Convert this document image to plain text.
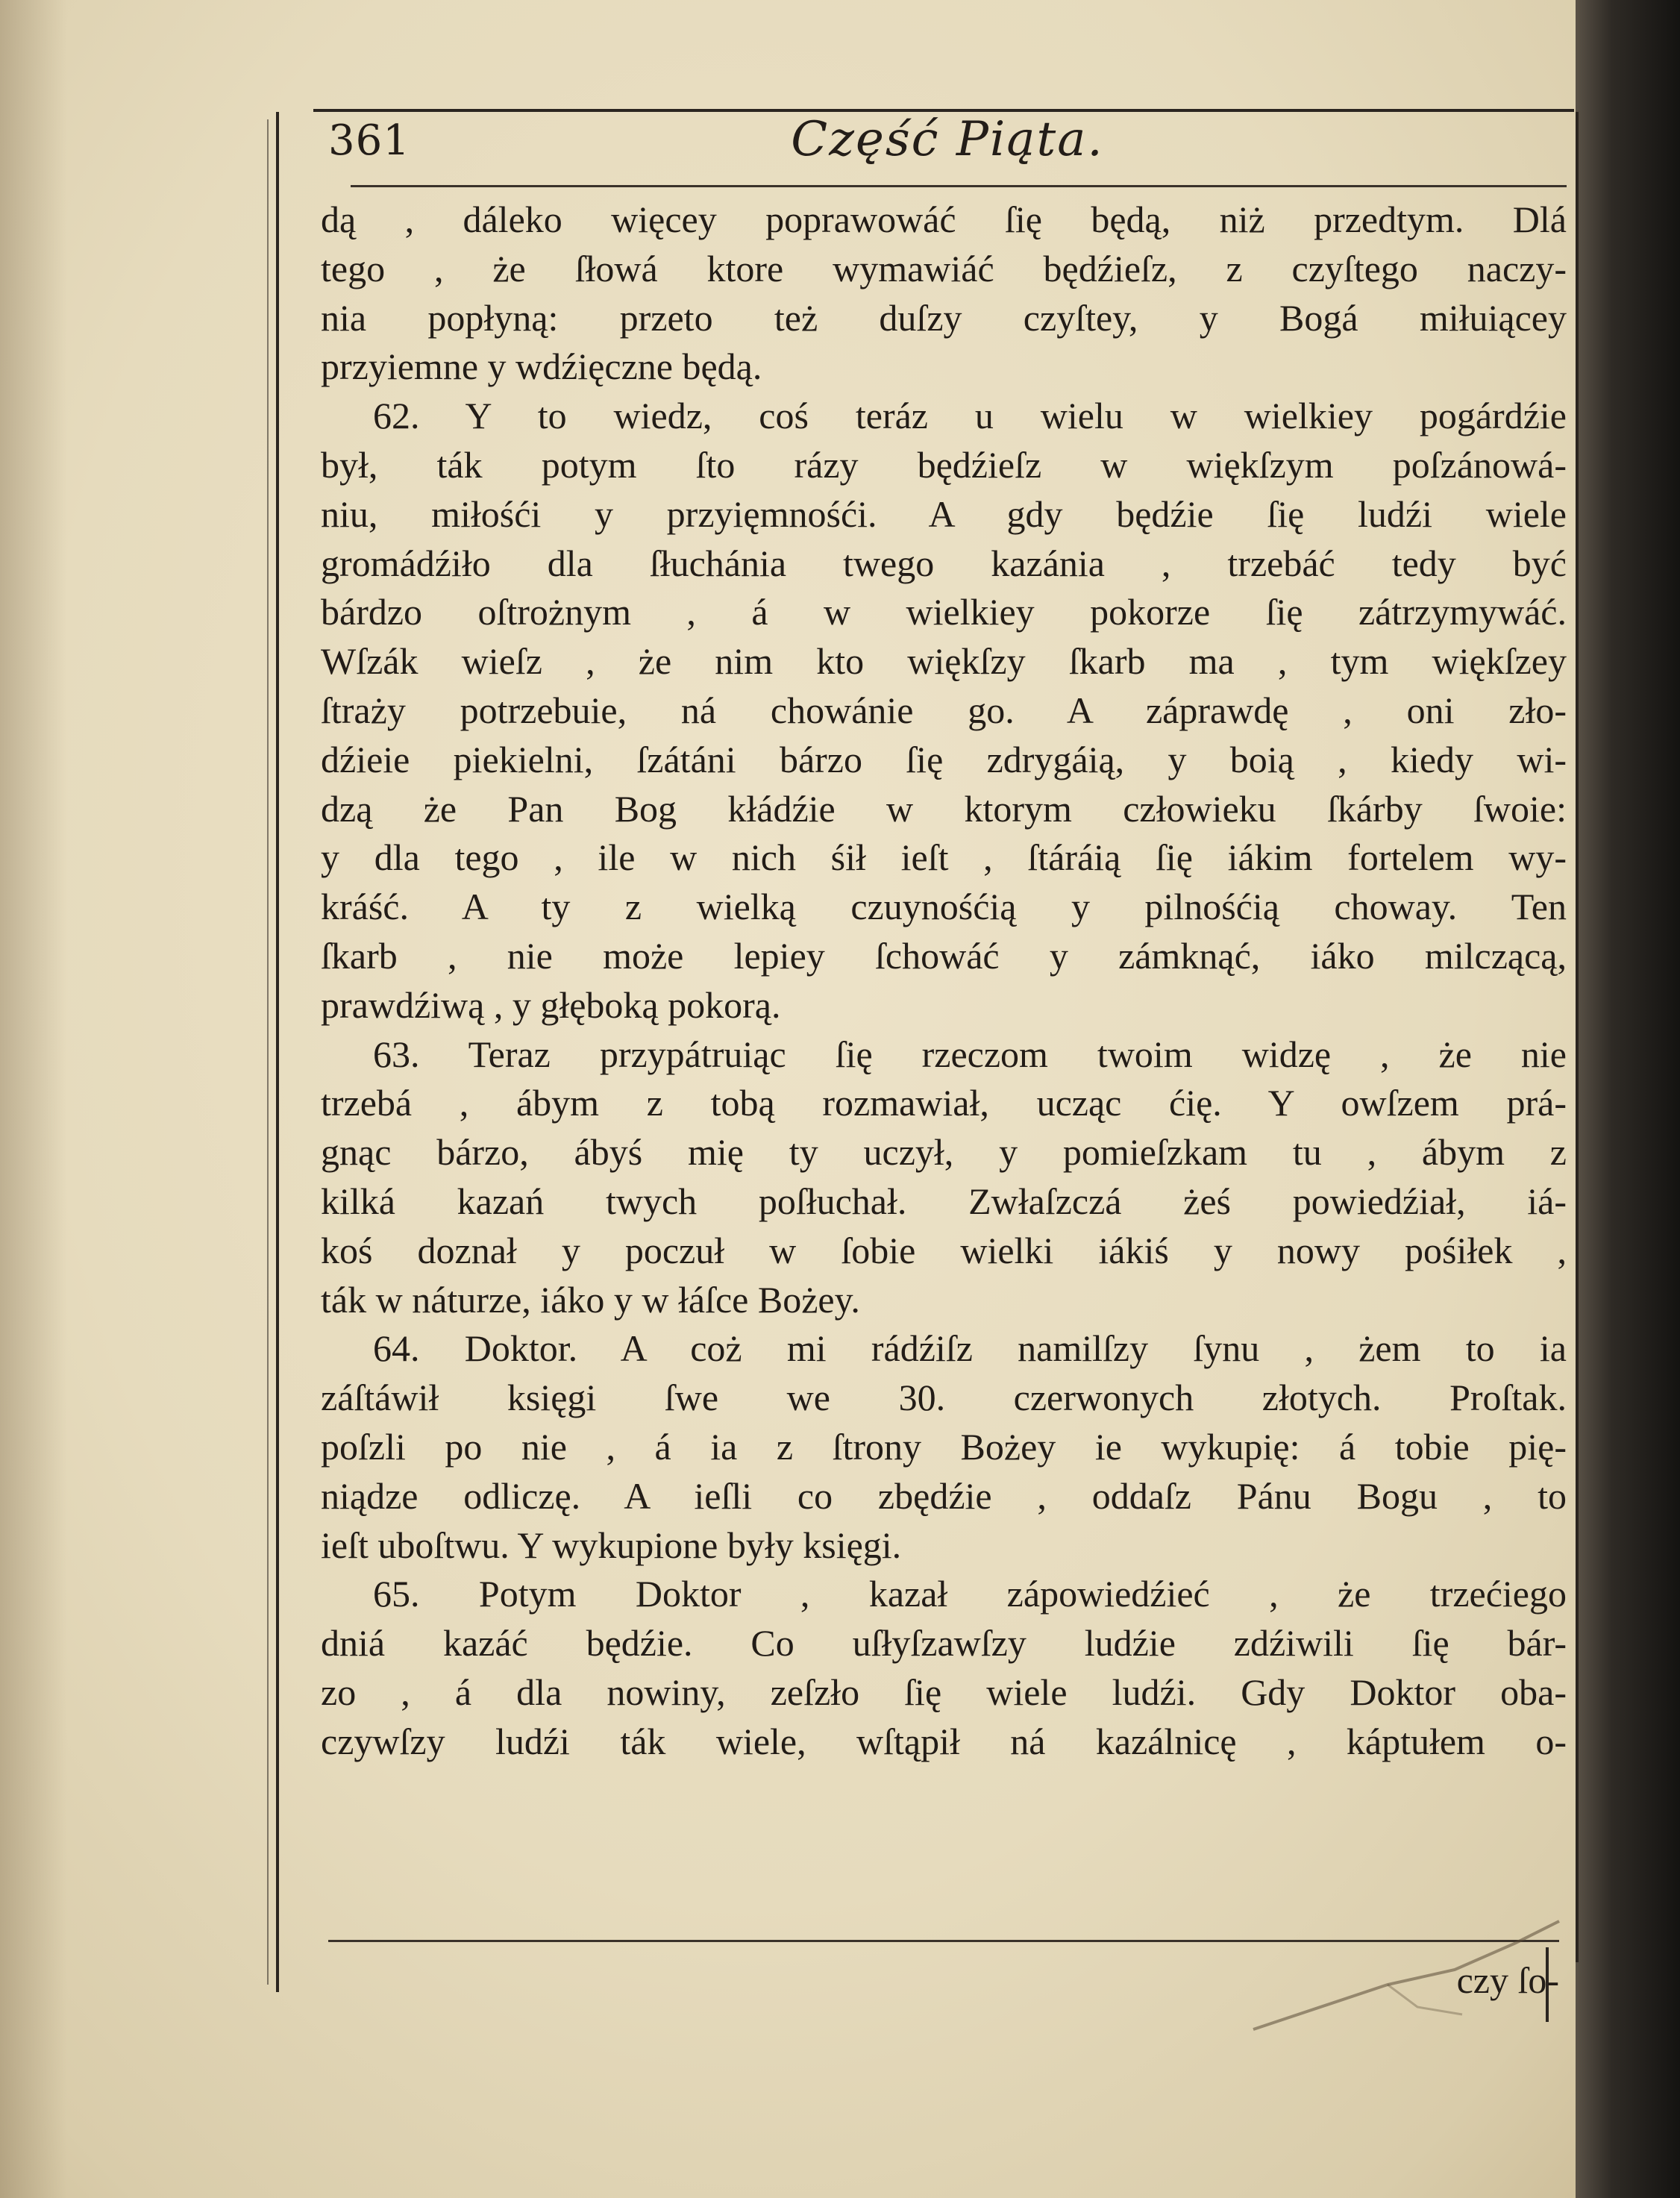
361	Część Piąta.
dą , dáleko więcey poprawowáć ſię będą, niż przedtym. Dlá
tego , że ſłowá ktore wymawiáć będźieſz, z czyſtego naczy-
nia popłyną: przeto też duſzy czyſtey, y Bogá miłuiącey
przyiemne y wdźięczne będą.
62. Y to wiedz, coś teráz u wielu w wielkiey pogárdźie
był, ták potym ſto rázy będźieſz w więkſzym poſzánowá-
niu, miłośći y przyięmnośći. A gdy będźie ſię ludźi wiele
gromádźiło dla ſłuchánia twego kazánia , trzebáć tedy być
bárdzo oſtrożnym , á w wielkiey pokorze ſię zátrzymywáć.
Wſzák wieſz , że nim kto więkſzy ſkarb ma , tym więkſzey
ſtraży potrzebuie, ná chowánie go. A záprawdę , oni zło-
dźieie piekielni, ſzátáni bárzo ſię zdrygáią, y boią , kiedy wi-
dzą że Pan Bog kłádźie w ktorym człowieku ſkárby ſwoie:
y dla tego , ile w nich śił ieſt , ſtáráią ſię iákim fortelem wy-
kráść. A ty z wielką czuynośćią y pilnośćią choway. Ten
ſkarb , nie może lepiey ſchowáć y zámknąć, iáko milczącą,
prawdźiwą , y głęboką pokorą.
63. Teraz przypátruiąc ſię rzeczom twoim widzę , że nie
trzebá , ábym z tobą rozmawiał, ucząc ćię. Y owſzem prá-
gnąc bárzo, ábyś mię ty uczył, y pomieſzkam tu , ábym z
kilká kazań twych poſłuchał. Zwłaſzczá żeś powiedźiał, iá-
koś doznał y poczuł w ſobie wielki iákiś y nowy pośiłek ,
ták w náturze, iáko y w łáſce Bożey.
64. Doktor. A coż mi rádźiſz namilſzy ſynu , żem to ia
záſtáwił księgi ſwe we 30. czerwonych złotych. Proſtak.
poſzli po nie , á ia z ſtrony Bożey ie wykupię: á tobie pię-
niądze odliczę. A ieſli co zbędźie , oddaſz Pánu Bogu , to
ieſt uboſtwu. Y wykupione były księgi.
65. Potym Doktor , kazał zápowiedźieć , że trzećiego
dniá kazáć będźie. Co uſłyſzawſzy ludźie zdźiwili ſię bár-
zo , á dla nowiny, zeſzło ſię wiele ludźi. Gdy Doktor oba-
czywſzy ludźi ták wiele, wſtąpił ná kazálnicę , káptułem o-
czy ſo-
